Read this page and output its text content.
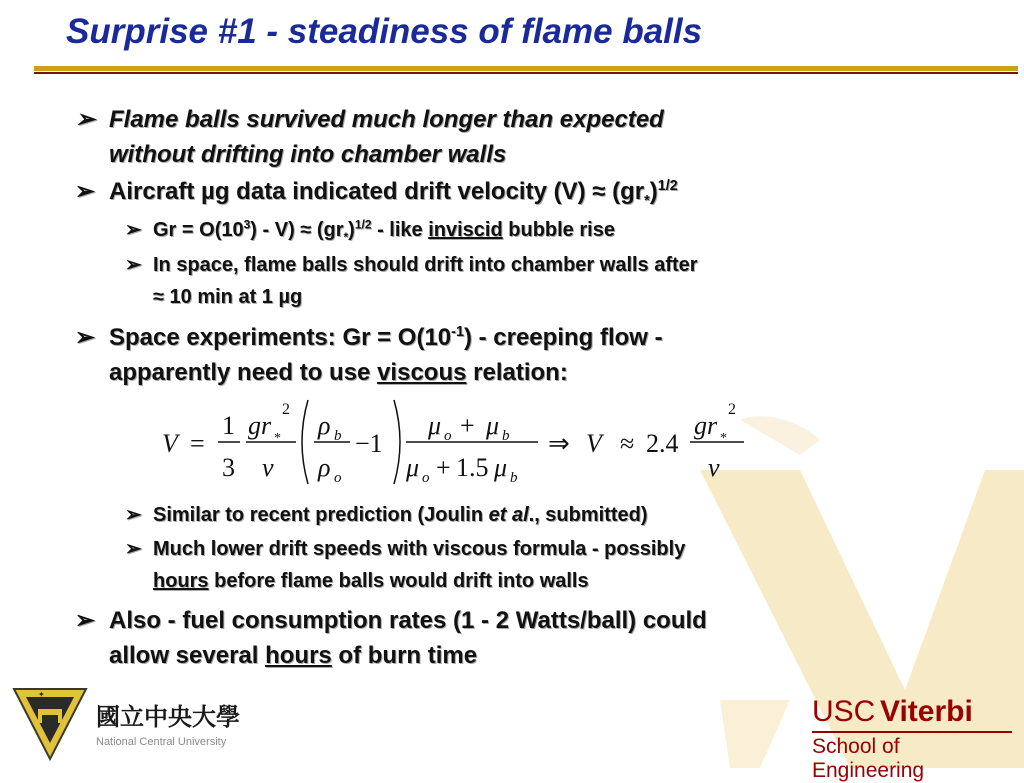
Surprise #1 - steadiness of flame balls
➢ Flame balls survived much longer than expected
without drifting into chamber walls
➢ Aircraft µg data indicated drift velocity $(V) \approx (gr_*)^{1/2}$
➢ $Gr = O(10^3) - V) \approx (gr_*)^{1/2}$ - like inviscid bubble rise
➢ In space, flame balls should drift into chamber walls after
≈ 10 min at 1 µg
➢ Space experiments: $Gr = O(10^{-1})$ - creeping flow -
apparently need to use viscous relation:
V =
1
3
gr *
2
ν
ρ b
ρ o
−1
μ o + μ b
μ o + 1.5 μ b
⇒ V ≈ 2.4
gr *
2
ν
➢ Similar to recent prediction (Joulin et al., submitted)
➢ Much lower drift speeds with viscous formula - possibly
hours before flame balls would drift into walls
➢ Also - fuel consumption rates (1 - 2 Watts/ball) could
allow several hours of burn time
✦
國立中央大學
National Central University
USC Viterbi
School of Engineering
